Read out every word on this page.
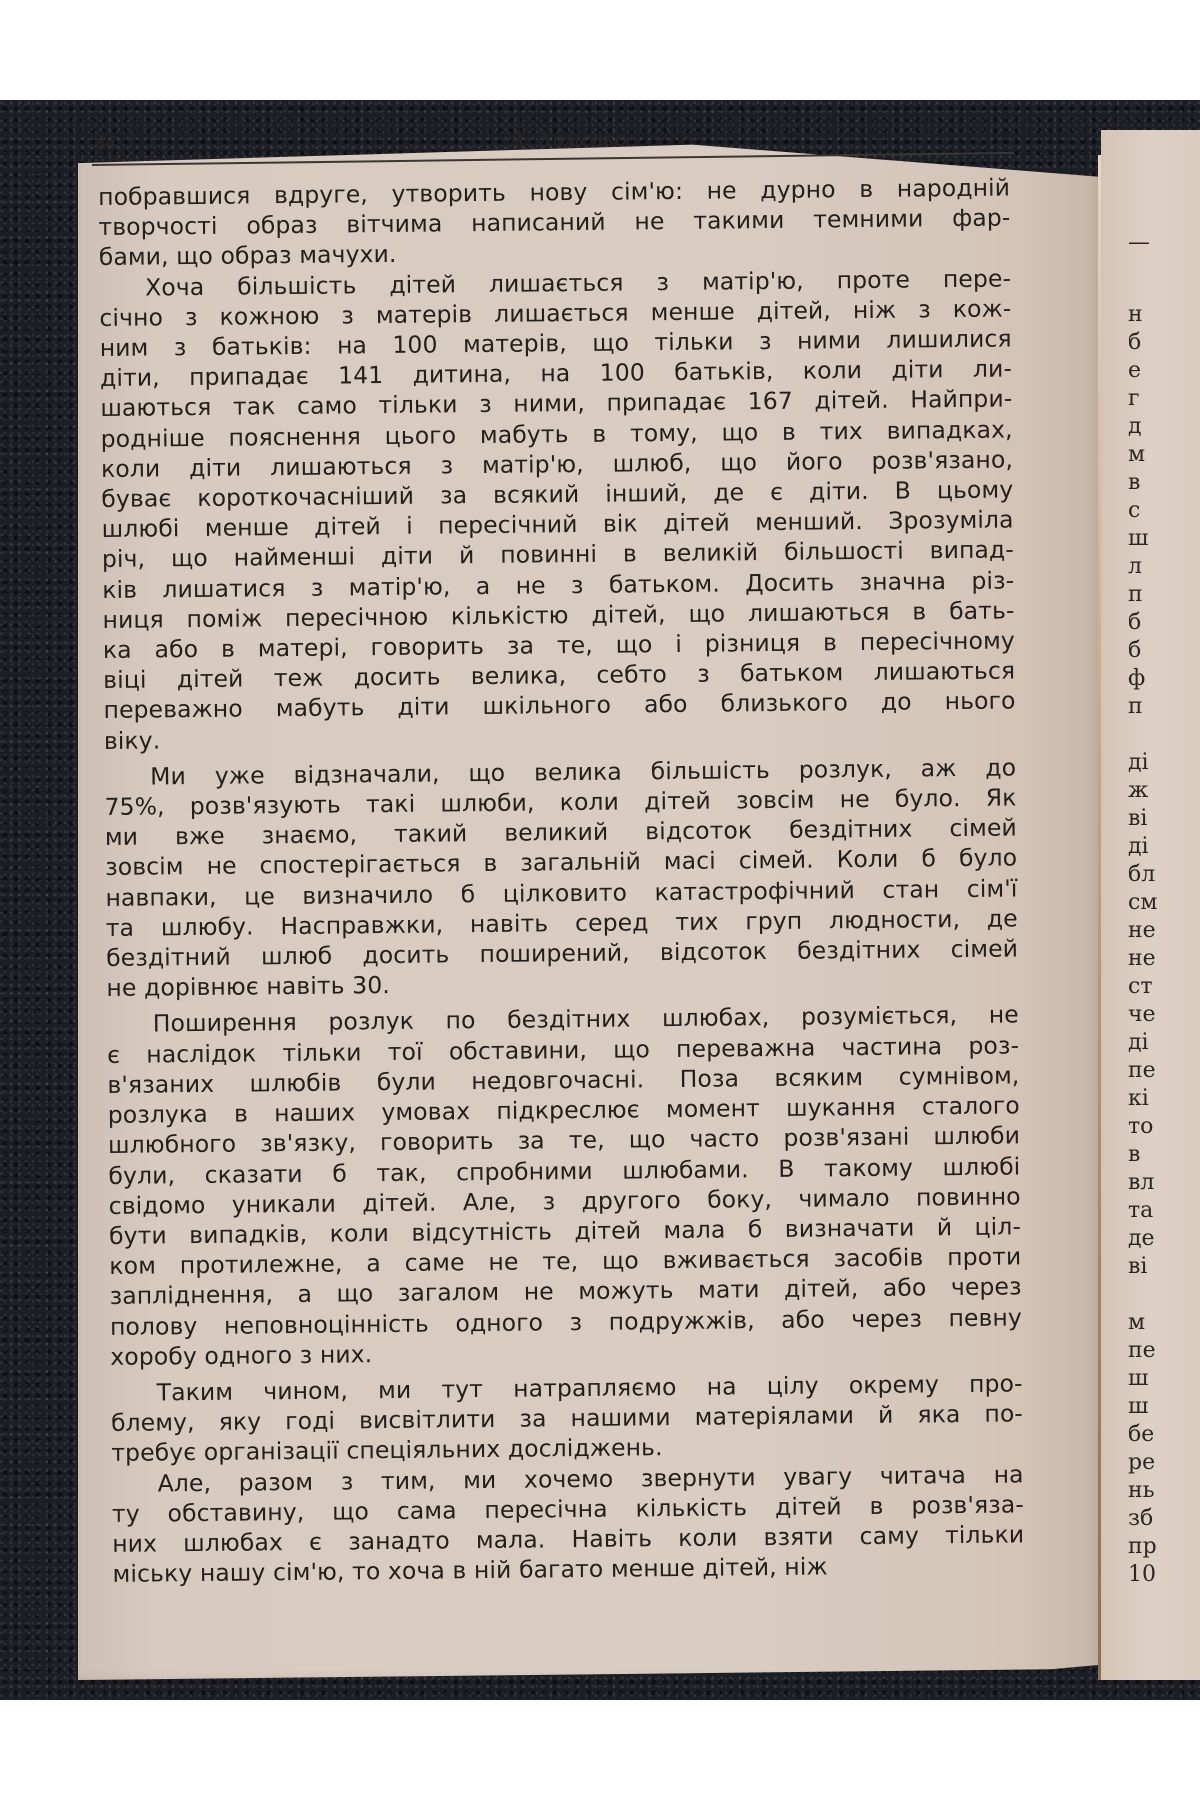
84	А. Хоменко
побравшися вдруге, утворить нову сім'ю: не дурно в народній
творчості образ вітчима написаний не такими темними фар-
бами, що образ мачухи.
Хоча більшість дітей лишається з матір'ю, проте пере-
січно з кожною з матерів лишається менше дітей, ніж з кож-
ним з батьків: на 100 матерів, що тільки з ними лишилися
діти, припадає 141 дитина, на 100 батьків, коли діти ли-
шаються так само тільки з ними, припадає 167 дітей. Найпри-
родніше пояснення цього мабуть в тому, що в тих випадках,
коли діти лишаються з матір'ю, шлюб, що його розв'язано,
буває короткочасніший за всякий інший, де є діти. В цьому
шлюбі менше дітей і пересічний вік дітей менший. Зрозуміла
річ, що найменші діти й повинні в великій більшості випад-
ків лишатися з матір'ю, а не з батьком. Досить значна різ-
ниця поміж пересічною кількістю дітей, що лишаються в бать-
ка або в матері, говорить за те, що і різниця в пересічному
віці дітей теж досить велика, себто з батьком лишаються
переважно мабуть діти шкільного або близького до нього
віку.
Ми уже відзначали, що велика більшість розлук, аж до
75%, розв'язують такі шлюби, коли дітей зовсім не було. Як
ми вже знаємо, такий великий відсоток бездітних сімей
зовсім не спостерігається в загальній масі сімей. Коли б було
навпаки, це визначило б цілковито катастрофічний стан сім'ї
та шлюбу. Насправжки, навіть серед тих груп людности, де
бездітний шлюб досить поширений, відсоток бездітних сімей
не дорівнює навіть 30.
Поширення розлук по бездітних шлюбах, розуміється, не
є наслідок тільки тої обставини, що переважна частина роз-
в'язаних шлюбів були недовгочасні. Поза всяким сумнівом,
розлука в наших умовах підкреслює момент шукання сталого
шлюбного зв'язку, говорить за те, що часто розв'язані шлюби
були, сказати б так, спробними шлюбами. В такому шлюбі
свідомо уникали дітей. Але, з другого боку, чимало повинно
бути випадків, коли відсутність дітей мала б визначати й ціл-
ком протилежне, а саме не те, що вживається засобів проти
запліднення, а що загалом не можуть мати дітей, або через
полову неповноцінність одного з подружжів, або через певну
хоробу одного з них.
Таким чином, ми тут натрапляємо на цілу окрему про-
блему, яку годі висвітлити за нашими матеріялами й яка по-
требує організації спеціяльних досліджень.
Але, разом з тим, ми хочемо звернути увагу читача на
ту обставину, що сама пересічна кількість дітей в розв'яза-
них шлюбах є занадто мала. Навіть коли взяти саму тільки
міську нашу сім'ю, то хоча в ній багато менше дітей, ніж
—
н
б
е
г
д
м
в
с
ш
л
п
б
б
ф
п
ді
ж
ві
ді
бл
см
не
не
ст
че
ді
пе
кі
то
в
вл
та
де
ві
м
пе
ш
ш
бе
ре
нь
зб
пр
10
